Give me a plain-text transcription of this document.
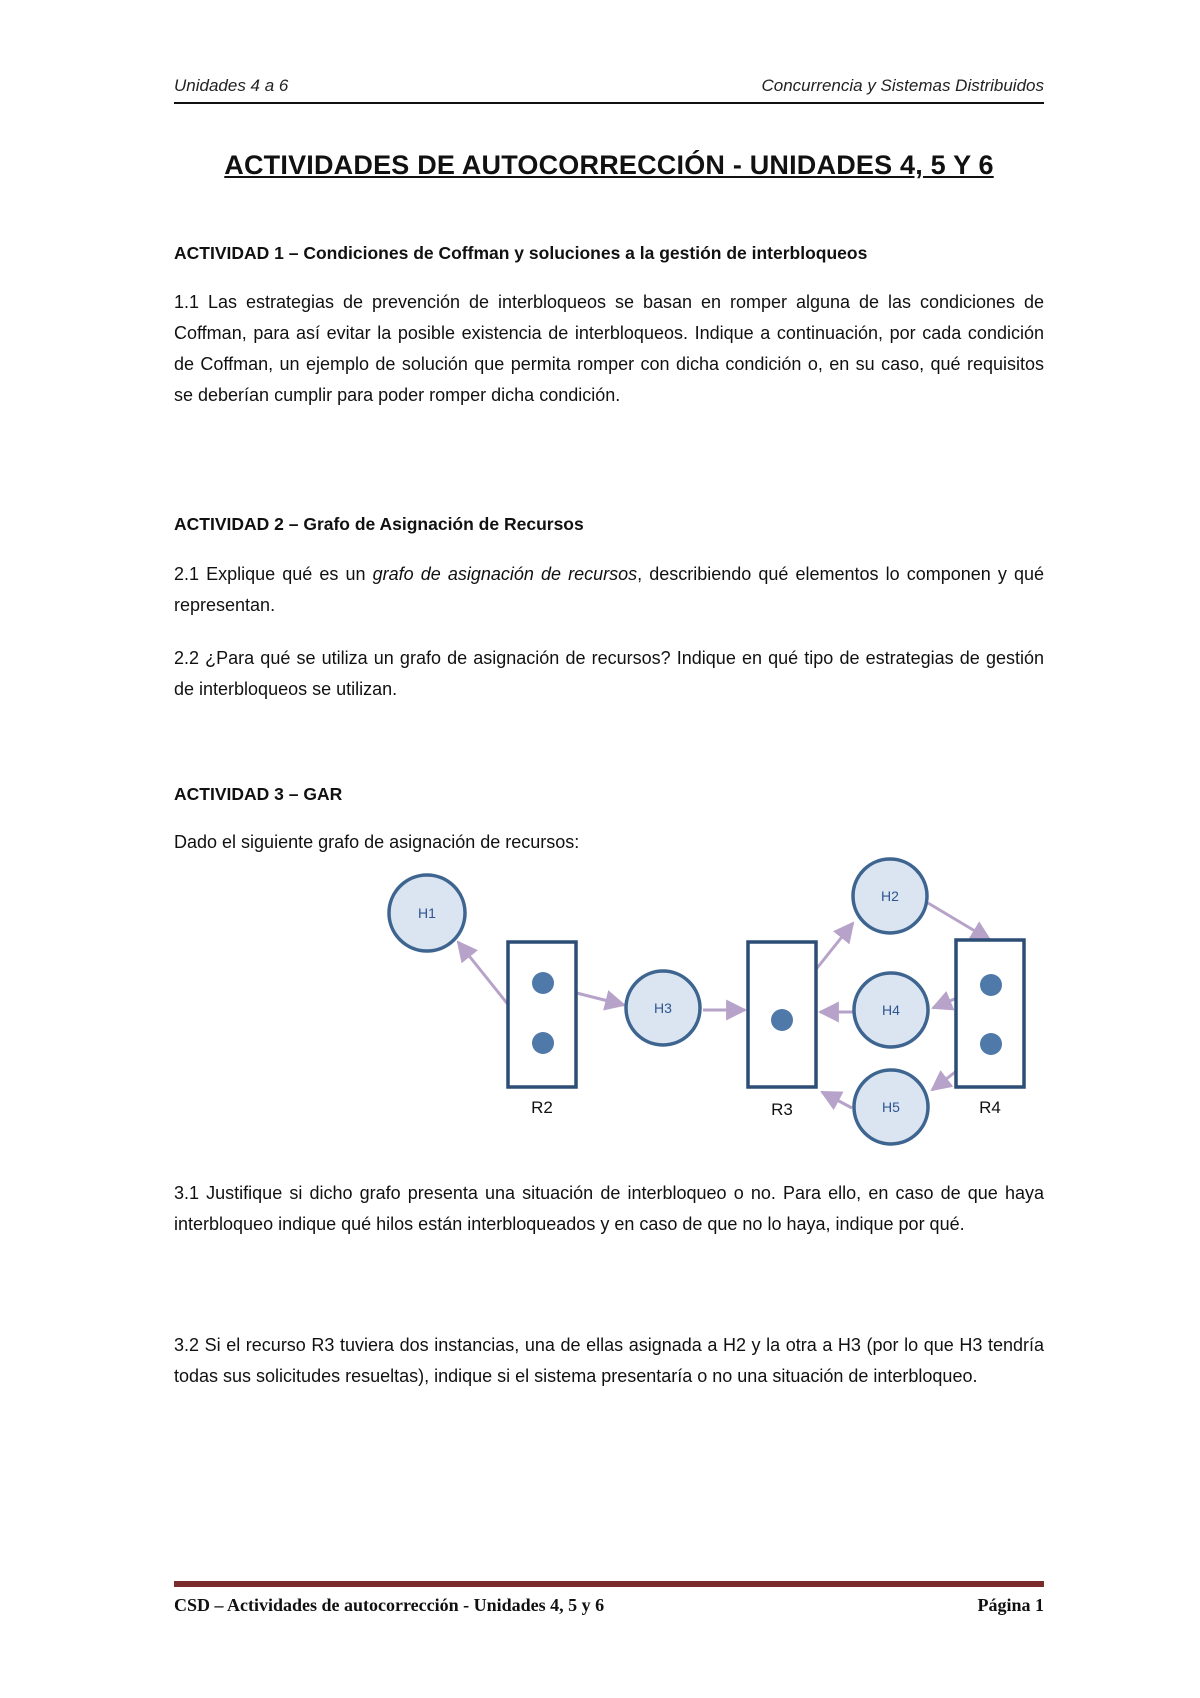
Unidades 4 a 6	Concurrencia y Sistemas Distribuidos
ACTIVIDADES DE AUTOCORRECCIÓN - UNIDADES 4, 5 Y 6
ACTIVIDAD 1 – Condiciones de Coffman y soluciones a la gestión de interbloqueos

1.1 Las estrategias de prevención de interbloqueos se basan en romper alguna de las condiciones de Coffman, para así evitar la posible existencia de interbloqueos. Indique a continuación, por cada condición de Coffman, un ejemplo de solución que permita romper con dicha condición o, en su caso, qué requisitos se deberían cumplir para poder romper dicha condición.

ACTIVIDAD 2 – Grafo de Asignación de Recursos

2.1 Explique qué es un grafo de asignación de recursos, describiendo qué elementos lo componen y qué representan.

2.2 ¿Para qué se utiliza un grafo de asignación de recursos? Indique en qué tipo de estrategias de gestión de interbloqueos se utilizan.

ACTIVIDAD 3 – GAR

Dado el siguiente grafo de asignación de recursos:

R2	R3	R4
H1
H2
H3	H4
H5

3.1 Justifique si dicho grafo presenta una situación de interbloqueo o no. Para ello, en caso de que haya interbloqueo indique qué hilos están interbloqueados y en caso de que no lo haya, indique por qué.

3.2 Si el recurso R3 tuviera dos instancias, una de ellas asignada a H2 y la otra a H3 (por lo que H3 tendría todas sus solicitudes resueltas), indique si el sistema presentaría o no una situación de interbloqueo.

CSD – Actividades de autocorrección - Unidades 4, 5 y 6	Página 1
